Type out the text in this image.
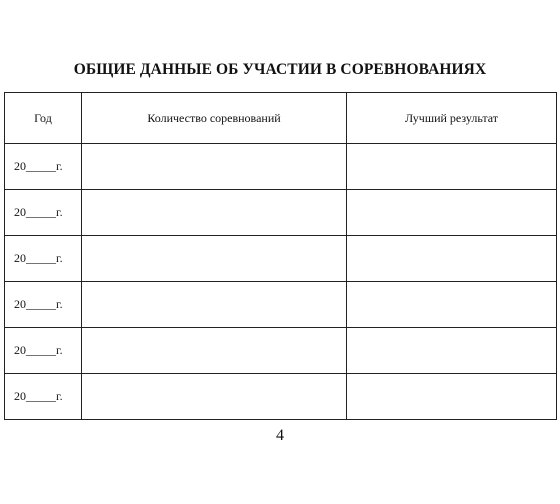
ОБЩИЕ ДАННЫЕ ОБ УЧАСТИИ В СОРЕВНОВАНИЯХ
Год	Количество соревнований	Лучший результат
20_____г.		
20_____г.		
20_____г.		
20_____г.		
20_____г.		
20_____г.		
4
